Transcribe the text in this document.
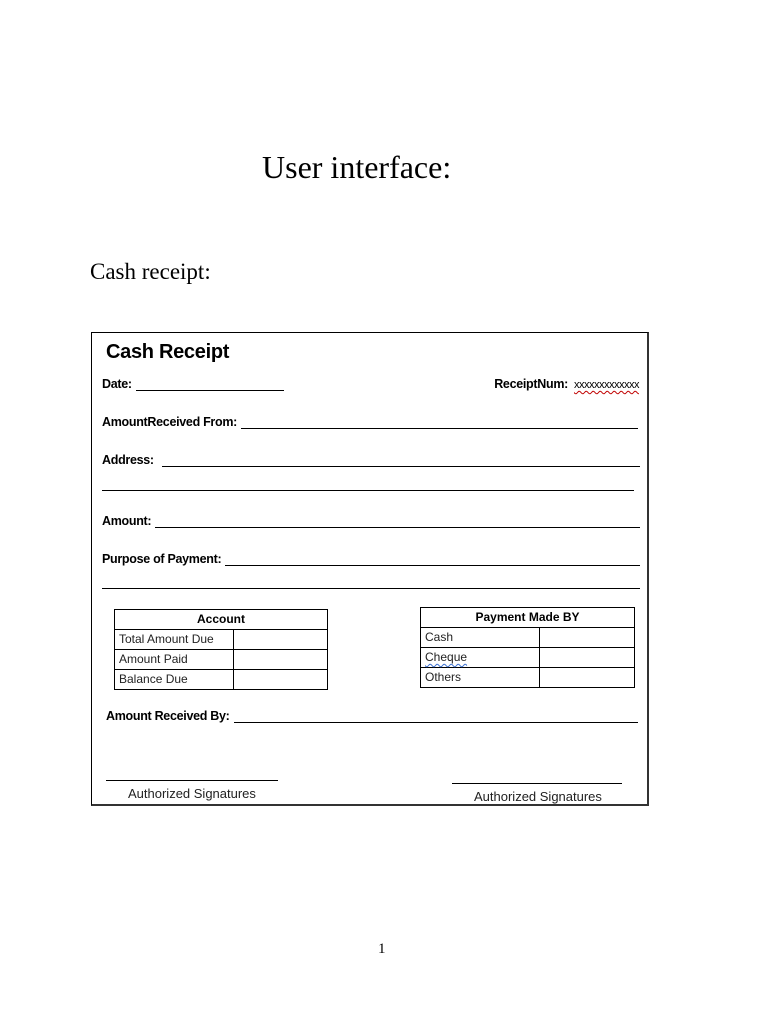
User interface:
Cash receipt:
Cash Receipt
Date:	ReceiptNum: xxxxxxxxxxxxx
AmountReceived From:
Address:
Amount:
Purpose of Payment:
Account	
Total Amount Due	
Amount Paid	
Balance Due	
Payment Made BY	
Cash	
Cheque	
Others	
Amount Received By:
Authorized Signatures	Authorized Signatures
1
